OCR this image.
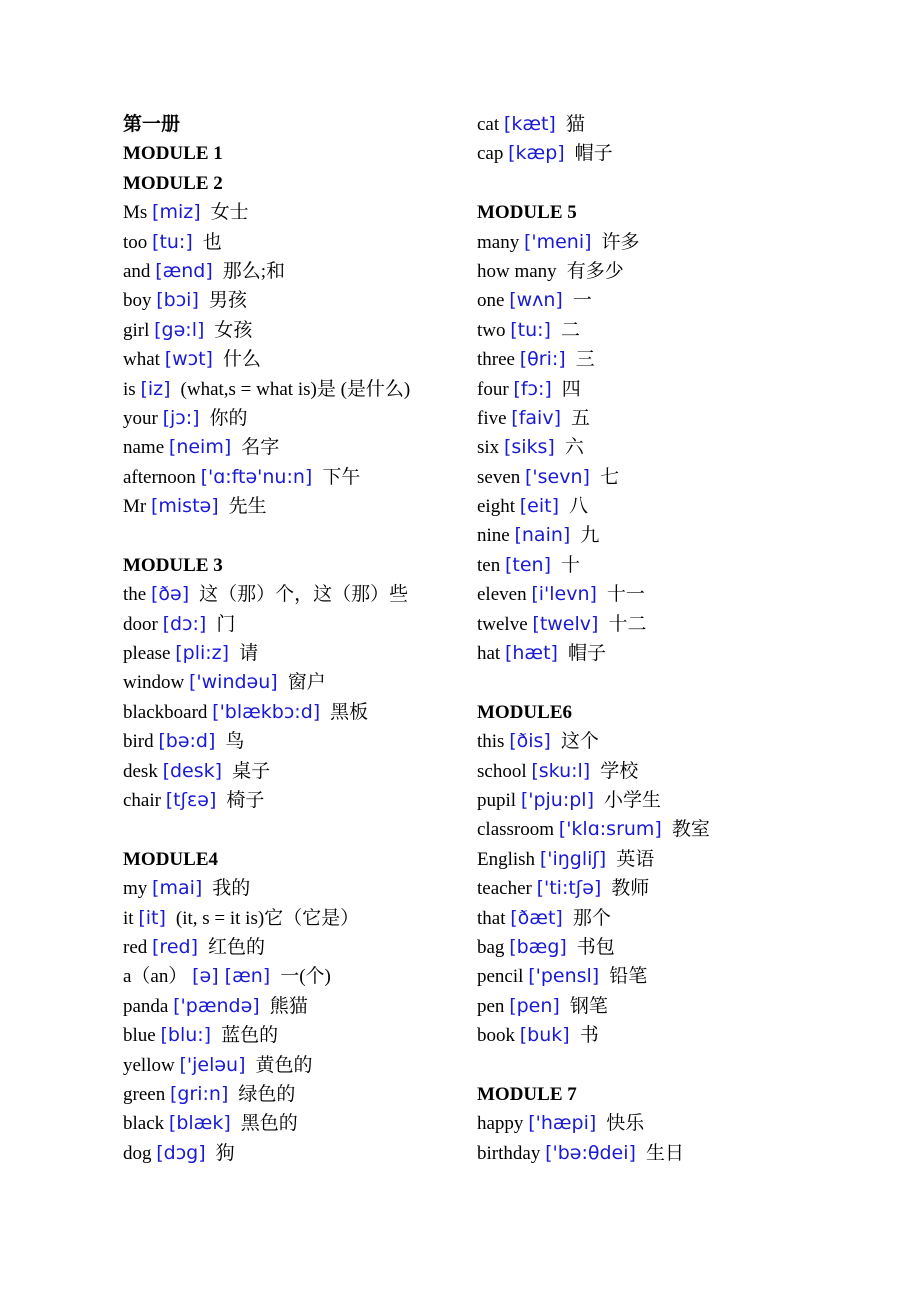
第一册
MODULE 1
MODULE 2
Ms [miz] 女士
too [tu:] 也
and [ænd] 那么;和
boy [bɔi] 男孩
girl [gə:l] 女孩
what [wɔt] 什么
is [iz] (what,s = what is)是 (是什么)
your [jɔ:] 你的
name [neim] 名字
afternoon ['ɑ:ftə'nu:n] 下午
Mr [mistə] 先生
MODULE 3
the [ðə] 这（那）个，这（那）些
door [dɔ:] 门
please [pli:z] 请
window ['windəu] 窗户
blackboard ['blækbɔ:d] 黑板
bird [bə:d] 鸟
desk [desk] 桌子
chair [tʃɛə] 椅子
MODULE4
my [mai] 我的
it [it] (it, s = it is)它（它是）
red [red] 红色的
a（an） [ə] [æn] 一(个)
panda ['pændə] 熊猫
blue [blu:] 蓝色的
yellow ['jeləu] 黄色的
green [gri:n] 绿色的
black [blæk] 黑色的
dog [dɔg] 狗
cat [kæt] 猫
cap [kæp] 帽子
MODULE 5
many ['meni] 许多
how many 有多少
one [wʌn] 一
two [tu:] 二
three [θri:] 三
four [fɔ:] 四
five [faiv] 五
six [siks] 六
seven ['sevn] 七
eight [eit] 八
nine [nain] 九
ten [ten] 十
eleven [i'levn] 十一
twelve [twelv] 十二
hat [hæt] 帽子
MODULE6
this [ðis] 这个
school [sku:l] 学校
pupil ['pju:pl] 小学生
classroom ['klɑ:srum] 教室
English ['iŋgliʃ] 英语
teacher ['ti:tʃə] 教师
that [ðæt] 那个
bag [bæg] 书包
pencil ['pensl] 铅笔
pen [pen] 钢笔
book [buk] 书
MODULE 7
happy ['hæpi] 快乐
birthday ['bə:θdei] 生日
